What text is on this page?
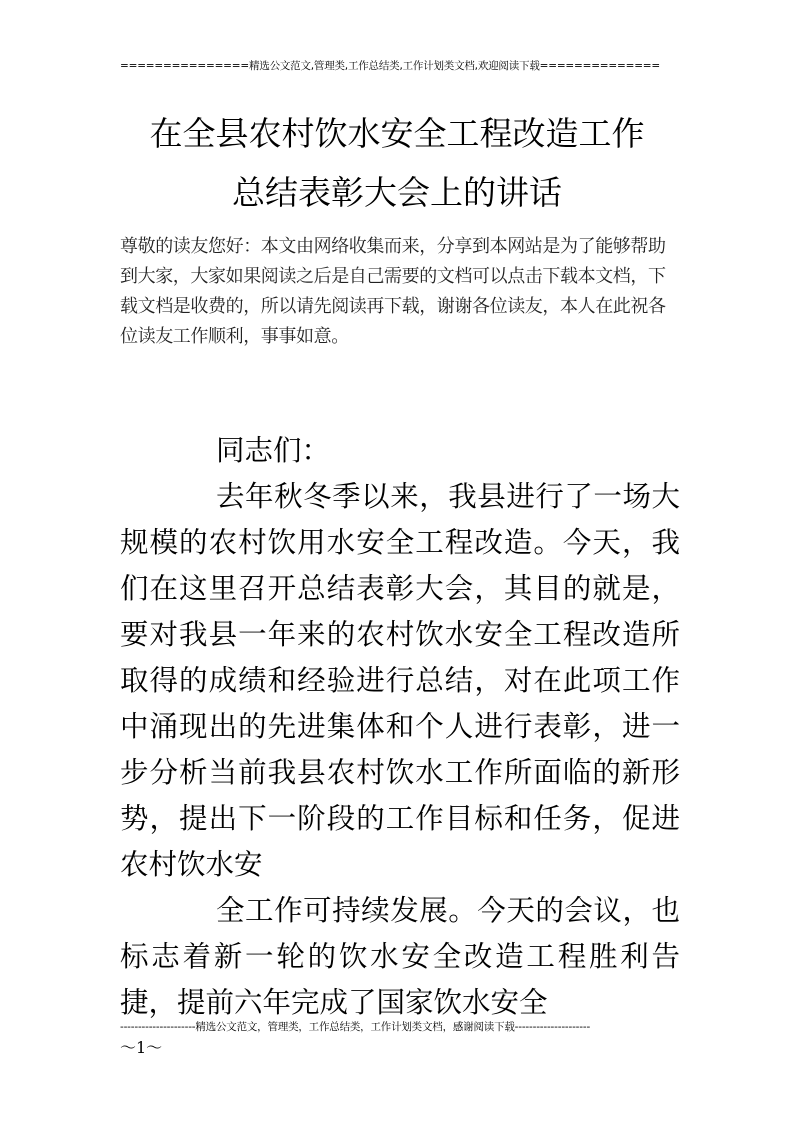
===============精选公文范文,管理类,工作总结类,工作计划类文档,欢迎阅读下载==============
在全县农村饮水安全工程改造工作
总结表彰大会上的讲话
尊敬的读友您好：本文由网络收集而来，分享到本网站是为了能够帮助到大家，大家如果阅读之后是自己需要的文档可以点击下载本文档，下载文档是收费的，所以请先阅读再下载，谢谢各位读友，本人在此祝各位读友工作顺利，事事如意。

同志们：

去年秋冬季以来，我县进行了一场大规模的农村饮用水安全工程改造。今天，我们在这里召开总结表彰大会，其目的就是，要对我县一年来的农村饮水安全工程改造所取得的成绩和经验进行总结，对在此项工作中涌现出的先进集体和个人进行表彰，进一步分析当前我县农村饮水工作所面临的新形势，提出下一阶段的工作目标和任务，促进农村饮水安

全工作可持续发展。今天的会议，也标志着新一轮的饮水安全改造工程胜利告捷，提前六年完成了国家饮水安全

---------------------精选公文范文，管理类，工作总结类，工作计划类文档，感谢阅读下载---------------------
～1～
